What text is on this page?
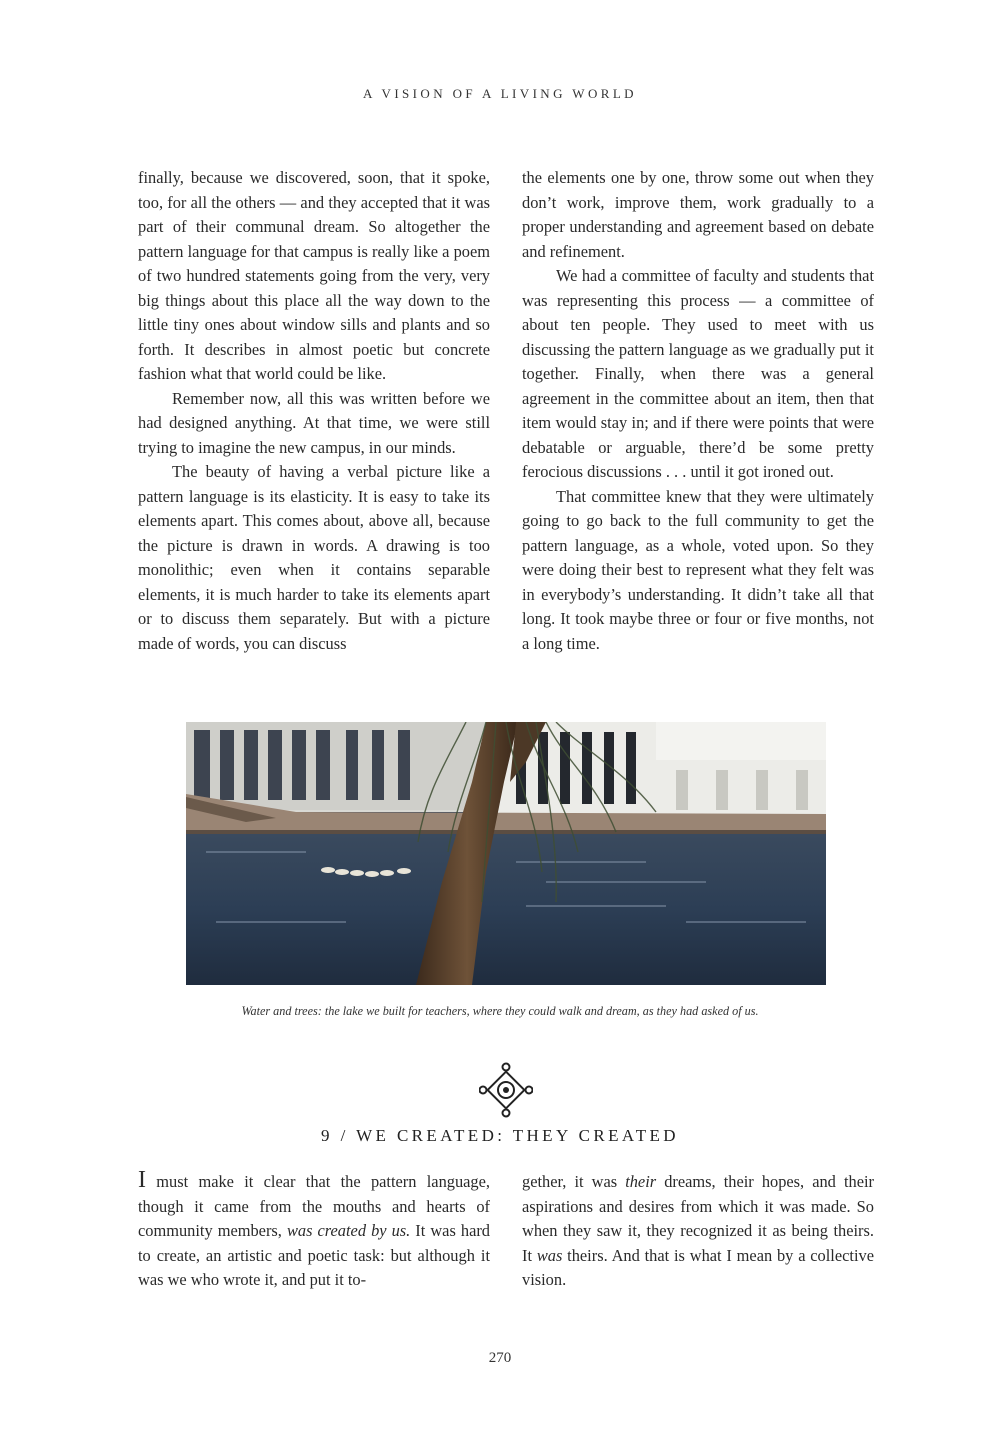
A VISION OF A LIVING WORLD

finally, because we discovered, soon, that it spoke, too, for all the others — and they accepted that it was part of their communal dream. So altogether the pattern language for that campus is really like a poem of two hundred statements going from the very, very big things about this place all the way down to the little tiny ones about window sills and plants and so forth. It describes in almost poetic but concrete fashion what that world could be like.

Remember now, all this was written before we had designed anything. At that time, we were still trying to imagine the new campus, in our minds.

The beauty of having a verbal picture like a pattern language is its elasticity. It is easy to take its elements apart. This comes about, above all, because the picture is drawn in words. A drawing is too monolithic; even when it contains separable elements, it is much harder to take its elements apart or to discuss them separately. But with a picture made of words, you can discuss

the elements one by one, throw some out when they don’t work, improve them, work gradually to a proper understanding and agreement based on debate and refinement.

We had a committee of faculty and students that was representing this process — a committee of about ten people. They used to meet with us discussing the pattern language as we gradually put it together. Finally, when there was a general agreement in the committee about an item, then that item would stay in; and if there were points that were debatable or arguable, there’d be some pretty ferocious discussions . . . until it got ironed out.

That committee knew that they were ultimately going to go back to the full community to get the pattern language, as a whole, voted upon. So they were doing their best to represent what they felt was in everybody’s understanding. It didn’t take all that long. It took maybe three or four or five months, not a long time.

Water and trees: the lake we built for teachers, where they could walk and dream, as they had asked of us.
9 / WE CREATED: THEY CREATED

I must make it clear that the pattern language, though it came from the mouths and hearts of community members, was created by us. It was hard to create, an artistic and poetic task: but although it was we who wrote it, and put it to-

gether, it was their dreams, their hopes, and their aspirations and desires from which it was made. So when they saw it, they recognized it as being theirs. It was theirs. And that is what I mean by a collective vision.

270
